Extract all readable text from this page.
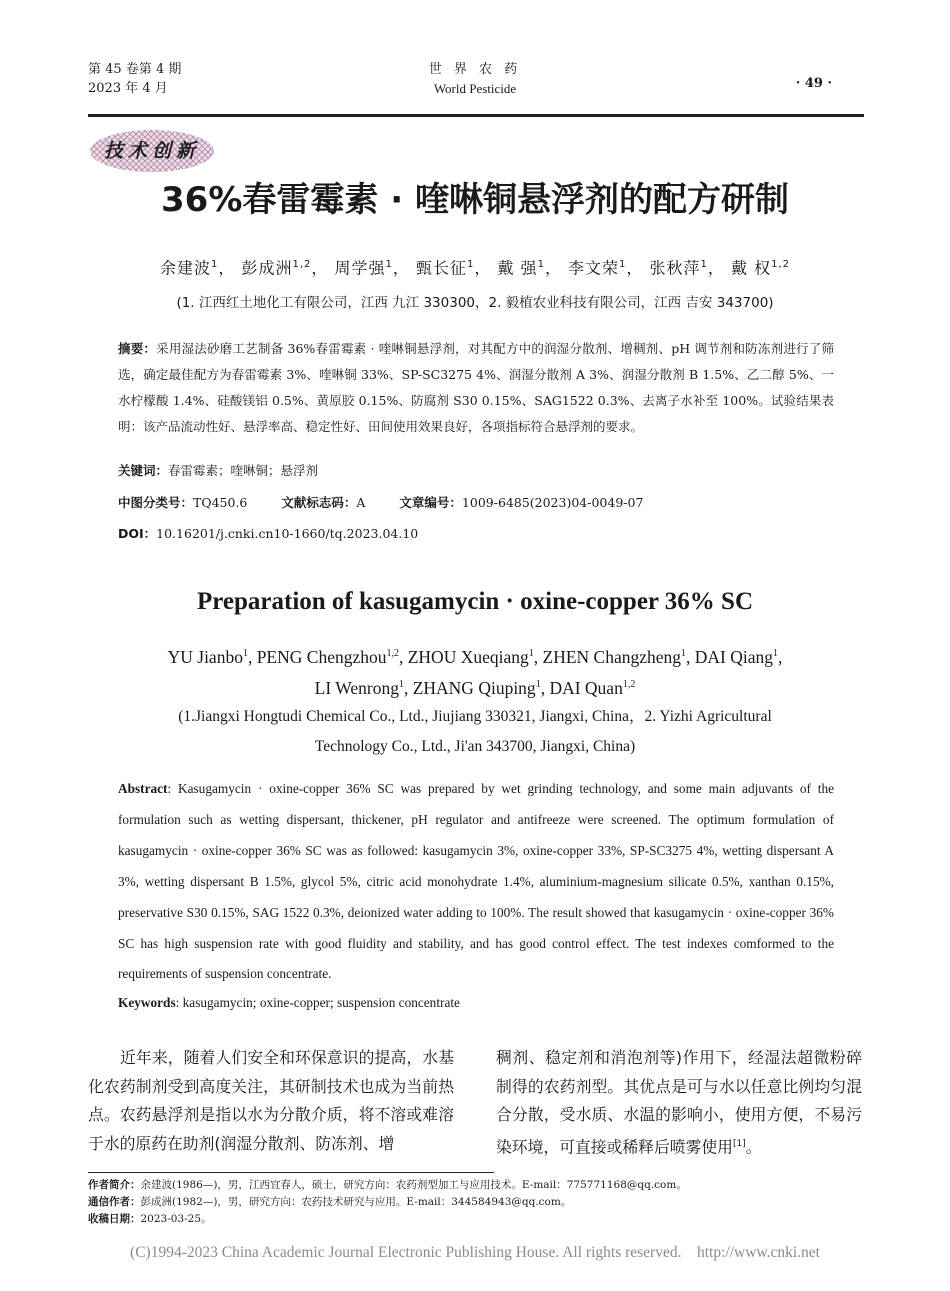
第 45 卷第 4 期
2023 年 4 月
世 界 农 药
World Pesticide	· 49 ·
技术创新
36%春雷霉素 · 喹啉铜悬浮剂的配方研制
余建波$^1$， 彭成洲$^{1,2}$， 周学强$^1$， 甄长征$^1$， 戴 强$^1$， 李文荣$^1$， 张秋萍$^1$， 戴 权$^{1,2}$
(1. 江西红土地化工有限公司，江西 九江 330300，2. 毅植农业科技有限公司，江西 吉安 343700)
摘要：采用湿法砂磨工艺制备 36%春雷霉素 · 喹啉铜悬浮剂，对其配方中的润湿分散剂、增稠剂、pH 调节剂和防冻剂进行了筛选，确定最佳配方为春雷霉素 3%、喹啉铜 33%、SP-SC3275 4%、润湿分散剂 A 3%、润湿分散剂 B 1.5%、乙二醇 5%、一水柠檬酸 1.4%、硅酸镁铝 0.5%、黄原胶 0.15%、防腐剂 S30 0.15%、SAG1522 0.3%、去离子水补至 100%。试验结果表明：该产品流动性好、悬浮率高、稳定性好、田间使用效果良好，各项指标符合悬浮剂的要求。
关键词：春雷霉素；喹啉铜；悬浮剂
中图分类号：TQ450.6	文献标志码：A	文章编号：1009-6485(2023)04-0049-07
DOI：10.16201/j.cnki.cn10-1660/tq.2023.04.10
Preparation of kasugamycin · oxine-copper 36% SC
YU Jianbo$^1$, PENG Chengzhou$^{1,2}$, ZHOU Xueqiang$^1$, ZHEN Changzheng$^1$, DAI Qiang$^1$,
LI Wenrong$^1$, ZHANG Qiuping$^1$, DAI Quan$^{1,2}$
(1.Jiangxi Hongtudi Chemical Co., Ltd., Jiujiang 330321, Jiangxi, China，2. Yizhi Agricultural
Technology Co., Ltd., Ji'an 343700, Jiangxi, China)
Abstract: Kasugamycin · oxine-copper 36% SC was prepared by wet grinding technology, and some main adjuvants of the formulation such as wetting dispersant, thickener, pH regulator and antifreeze were screened. The optimum formulation of kasugamycin · oxine-copper 36% SC was as followed: kasugamycin 3%, oxine-copper 33%, SP-SC3275 4%, wetting dispersant A 3%, wetting dispersant B 1.5%, glycol 5%, citric acid monohydrate 1.4%, aluminium-magnesium silicate 0.5%, xanthan 0.15%, preservative S30 0.15%, SAG 1522 0.3%, deionized water adding to 100%. The result showed that kasugamycin · oxine-copper 36% SC has high suspension rate with good fluidity and stability, and has good control effect. The test indexes comformed to the requirements of suspension concentrate.
Keywords: kasugamycin; oxine-copper; suspension concentrate
近年来，随着人们安全和环保意识的提高，水基化农药制剂受到高度关注，其研制技术也成为当前热点。农药悬浮剂是指以水为分散介质，将不溶或难溶于水的原药在助剂(润湿分散剂、防冻剂、增
稠剂、稳定剂和消泡剂等)作用下，经湿法超微粉碎制得的农药剂型。其优点是可与水以任意比例均匀混合分散，受水质、水温的影响小，使用方便，不易污染环境，可直接或稀释后喷雾使用[1]。
作者简介：余建波(1986—)，男，江西宜春人，硕士，研究方向：农药剂型加工与应用技术。E-mail：775771168@qq.com。
通信作者：彭成洲(1982—)，男，研究方向：农药技术研究与应用。E-mail：344584943@qq.com。
收稿日期：2023-03-25。
(C)1994-2023 China Academic Journal Electronic Publishing House. All rights reserved.    http://www.cnki.net
